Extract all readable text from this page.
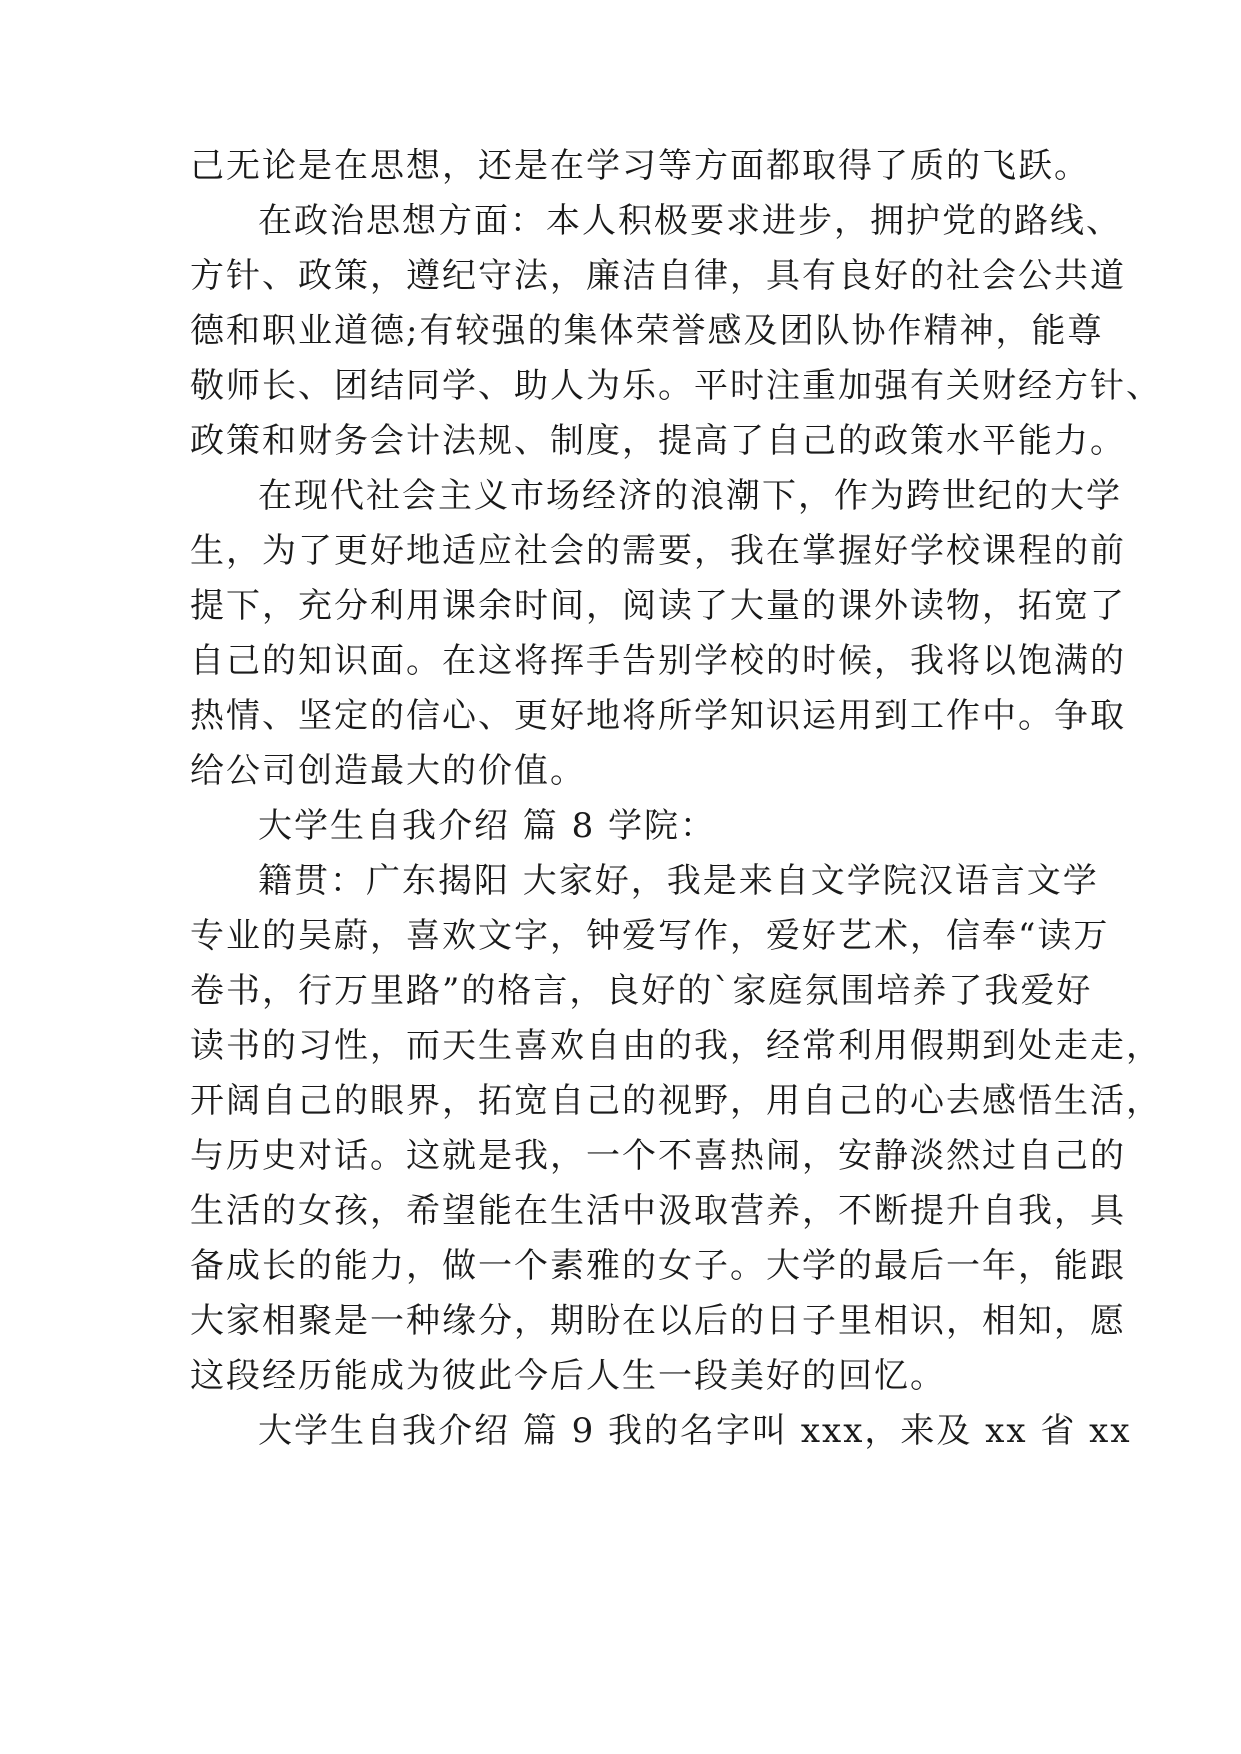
己无论是在思想，还是在学习等方面都取得了质的飞跃。
在政治思想方面：本人积极要求进步，拥护党的路线、
方针、政策，遵纪守法，廉洁自律，具有良好的社会公共道
德和职业道德;有较强的集体荣誉感及团队协作精神，能尊
敬师长、团结同学、助人为乐。平时注重加强有关财经方针、
政策和财务会计法规、制度，提高了自己的政策水平能力。
在现代社会主义市场经济的浪潮下，作为跨世纪的大学
生，为了更好地适应社会的需要，我在掌握好学校课程的前
提下，充分利用课余时间，阅读了大量的课外读物，拓宽了
自己的知识面。在这将挥手告别学校的时候，我将以饱满的
热情、坚定的信心、更好地将所学知识运用到工作中。争取
给公司创造最大的价值。
大学生自我介绍 篇 8 学院：
籍贯：广东揭阳 大家好，我是来自文学院汉语言文学
专业的吴蔚，喜欢文字，钟爱写作，爱好艺术，信奉“读万
卷书，行万里路”的格言，良好的`家庭氛围培养了我爱好
读书的习性，而天生喜欢自由的我，经常利用假期到处走走，
开阔自己的眼界，拓宽自己的视野，用自己的心去感悟生活，
与历史对话。这就是我，一个不喜热闹，安静淡然过自己的
生活的女孩，希望能在生活中汲取营养，不断提升自我，具
备成长的能力，做一个素雅的女子。大学的最后一年，能跟
大家相聚是一种缘分，期盼在以后的日子里相识，相知，愿
这段经历能成为彼此今后人生一段美好的回忆。
大学生自我介绍 篇 9 我的名字叫 xxx，来及 xx 省 xx
